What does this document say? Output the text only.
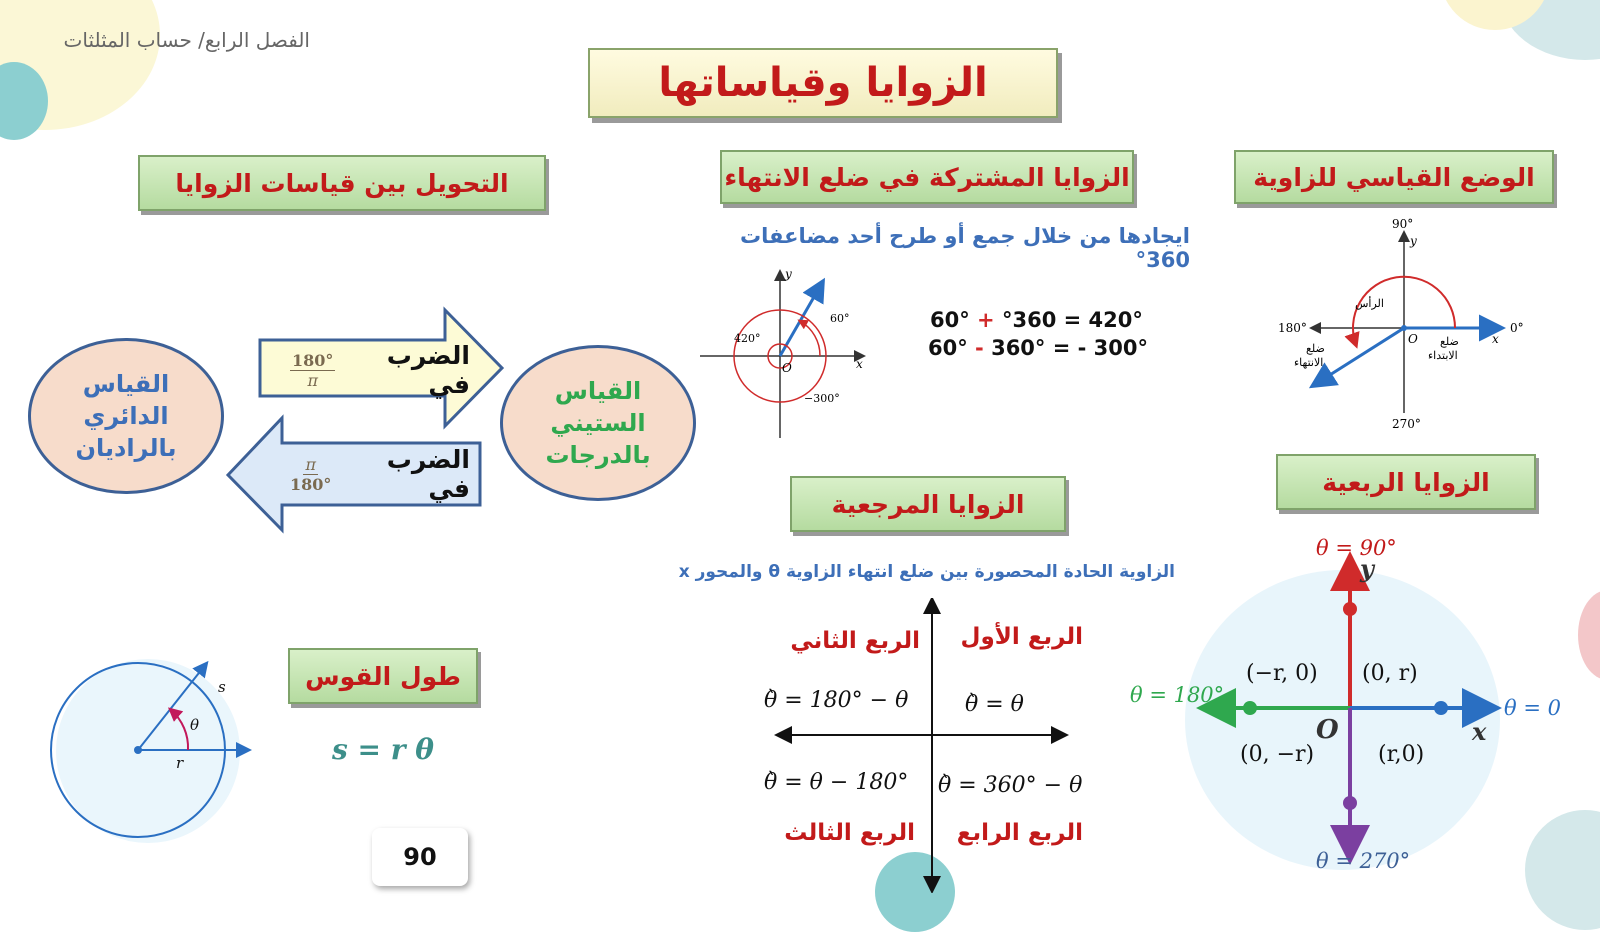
الفصل الرابع/ حساب المثلثات
الزوايا وقياساتها
التحويل بين قياسات الزوايا
القياس
الدائري
بالراديان
القياس
الستيني
بالدرجات
الضرب في
$\frac{180^\circ}{\pi}$
الضرب في
$\frac{\pi}{180^\circ}$
الزوايا المشتركة في ضلع الانتهاء
ايجادها من خلال جمع أو طرح أحد مضاعفات 360°
y
x
O
60°
420°
−300°
60° + °360 = 420°
60° - 360° = - 300°
الوضع القياسي للزاوية
90°
y
0°
x
180°
270°
O
الرأس
ضلع
الابتداء
ضلع
الانتهاء
الزوايا الربعية
θ = 90°
y
θ = 0
x
θ = 180°
θ = 270°
O
(−r, 0) (0, r)
(0, −r)	(r,0)
الزوايا المرجعية
الزاوية الحادة المحصورة بين ضلع انتهاء الزاوية θ والمحور x
الربع الأول
الربع الثاني
الربع الثالث	الربع الرابع
θ̀ = θ
θ̀ = 180° − θ
θ̀ = θ − 180° θ̀ = 360° − θ
طول القوس
s = r θ
θ
s
r
90
